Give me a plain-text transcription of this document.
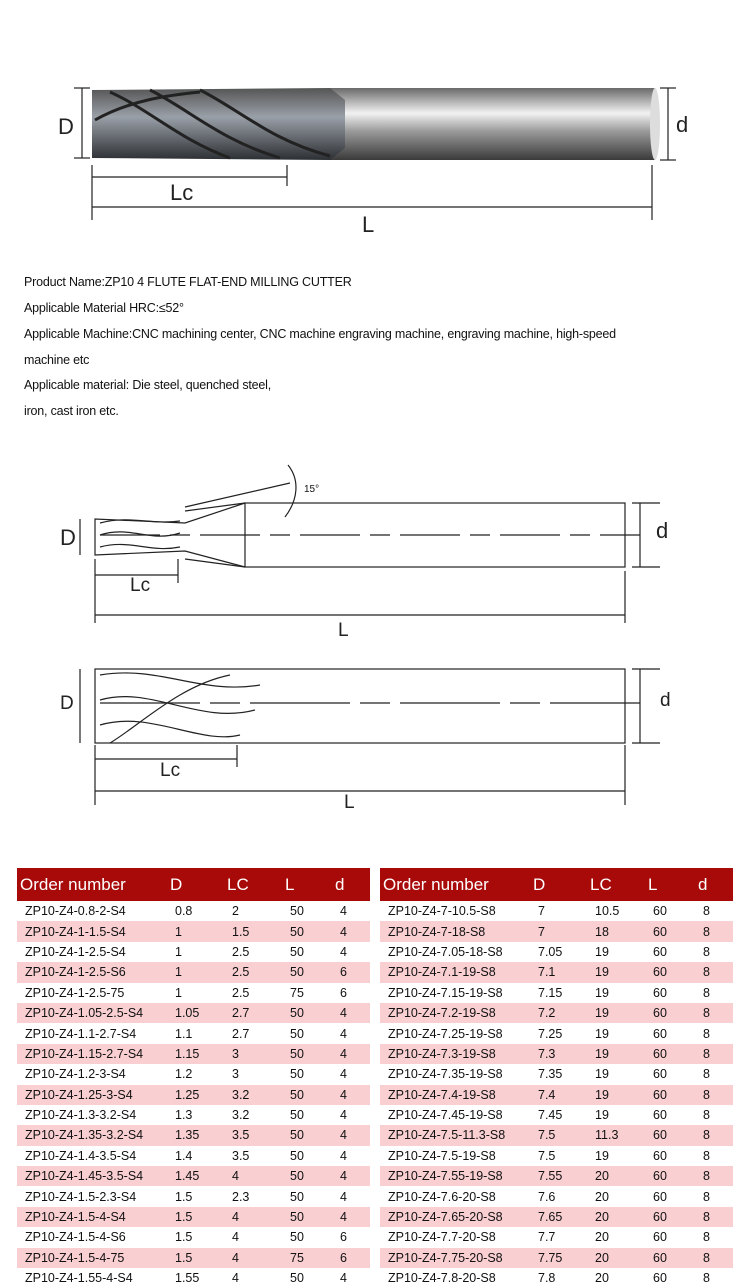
D	d
Lc
L
Product Name:ZP10 4 FLUTE FLAT-END MILLING CUTTER
Applicable Material HRC:≤52°
Applicable Machine:CNC machining center, CNC machine engraving machine, engraving machine, high-speed
machine etc
Applicable material: Die steel, quenched steel,
iron, cast iron etc.
15°
D	d
Lc
L
D	d
Lc
L
Order number	D	LC	L	d
ZP10-Z4-0.8-2-S4	0.8	2	50	4
ZP10-Z4-1-1.5-S4	1	1.5	50	4
ZP10-Z4-1-2.5-S4	1	2.5	50	4
ZP10-Z4-1-2.5-S6	1	2.5	50	6
ZP10-Z4-1-2.5-75	1	2.5	75	6
ZP10-Z4-1.05-2.5-S4	1.05	2.7	50	4
ZP10-Z4-1.1-2.7-S4	1.1	2.7	50	4
ZP10-Z4-1.15-2.7-S4	1.15	3	50	4
ZP10-Z4-1.2-3-S4	1.2	3	50	4
ZP10-Z4-1.25-3-S4	1.25	3.2	50	4
ZP10-Z4-1.3-3.2-S4	1.3	3.2	50	4
ZP10-Z4-1.35-3.2-S4	1.35	3.5	50	4
ZP10-Z4-1.4-3.5-S4	1.4	3.5	50	4
ZP10-Z4-1.45-3.5-S4	1.45	4	50	4
ZP10-Z4-1.5-2.3-S4	1.5	2.3	50	4
ZP10-Z4-1.5-4-S4	1.5	4	50	4
ZP10-Z4-1.5-4-S6	1.5	4	50	6
ZP10-Z4-1.5-4-75	1.5	4	75	6
ZP10-Z4-1.55-4-S4	1.55	4	50	4
Order number	D	LC	L	d
ZP10-Z4-7-10.5-S8	7	10.5	60	8
ZP10-Z4-7-18-S8	7	18	60	8
ZP10-Z4-7.05-18-S8	7.05	19	60	8
ZP10-Z4-7.1-19-S8	7.1	19	60	8
ZP10-Z4-7.15-19-S8	7.15	19	60	8
ZP10-Z4-7.2-19-S8	7.2	19	60	8
ZP10-Z4-7.25-19-S8	7.25	19	60	8
ZP10-Z4-7.3-19-S8	7.3	19	60	8
ZP10-Z4-7.35-19-S8	7.35	19	60	8
ZP10-Z4-7.4-19-S8	7.4	19	60	8
ZP10-Z4-7.45-19-S8	7.45	19	60	8
ZP10-Z4-7.5-11.3-S8	7.5	11.3	60	8
ZP10-Z4-7.5-19-S8	7.5	19	60	8
ZP10-Z4-7.55-19-S8	7.55	20	60	8
ZP10-Z4-7.6-20-S8	7.6	20	60	8
ZP10-Z4-7.65-20-S8	7.65	20	60	8
ZP10-Z4-7.7-20-S8	7.7	20	60	8
ZP10-Z4-7.75-20-S8	7.75	20	60	8
ZP10-Z4-7.8-20-S8	7.8	20	60	8
